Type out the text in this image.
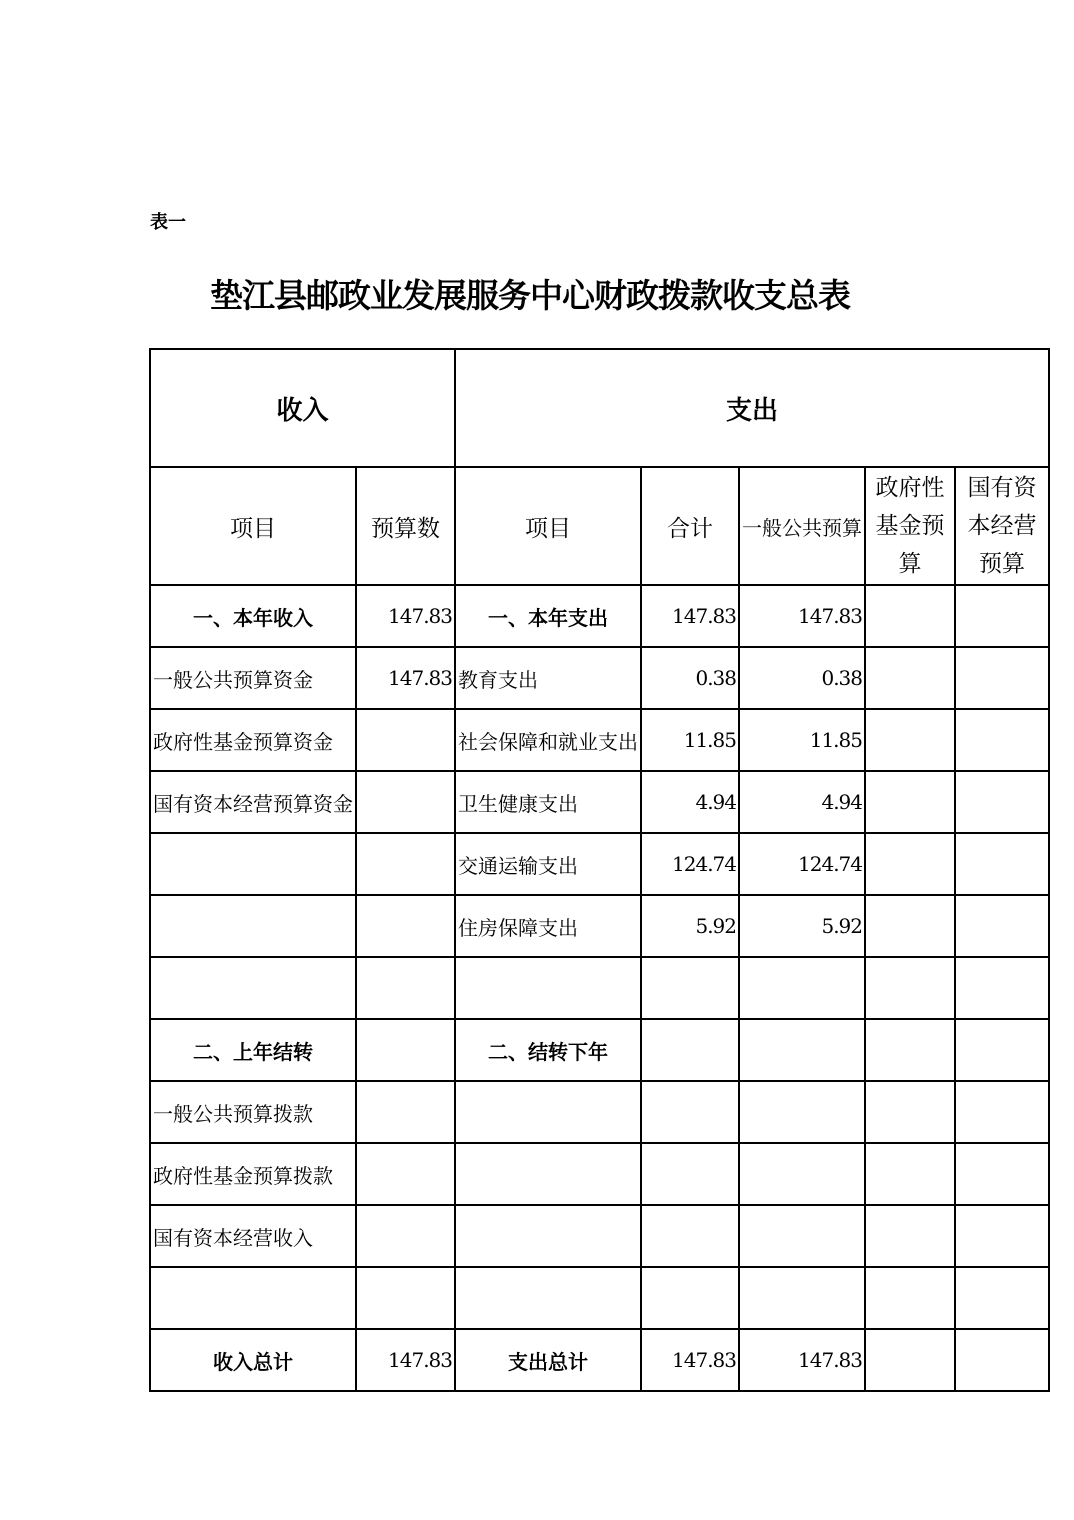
表一
垫江县邮政业发展服务中心财政拨款收支总表
收入		支出				
项目	预算数	项目	合计	一般公共预算	政府性基金预算	国有资本经营预算
一、本年收入	147.83	一、本年支出	147.83	147.83		
一般公共预算资金	147.83	教育支出	0.38	0.38		
政府性基金预算资金		社会保障和就业支出	11.85	11.85		
国有资本经营预算资金		卫生健康支出	4.94	4.94		
		交通运输支出	124.74	124.74		
		住房保障支出	5.92	5.92		

二、上年结转		二、结转下年				
一般公共预算拨款						
政府性基金预算拨款						
国有资本经营收入						

收入总计	147.83	支出总计	147.83	147.83		
